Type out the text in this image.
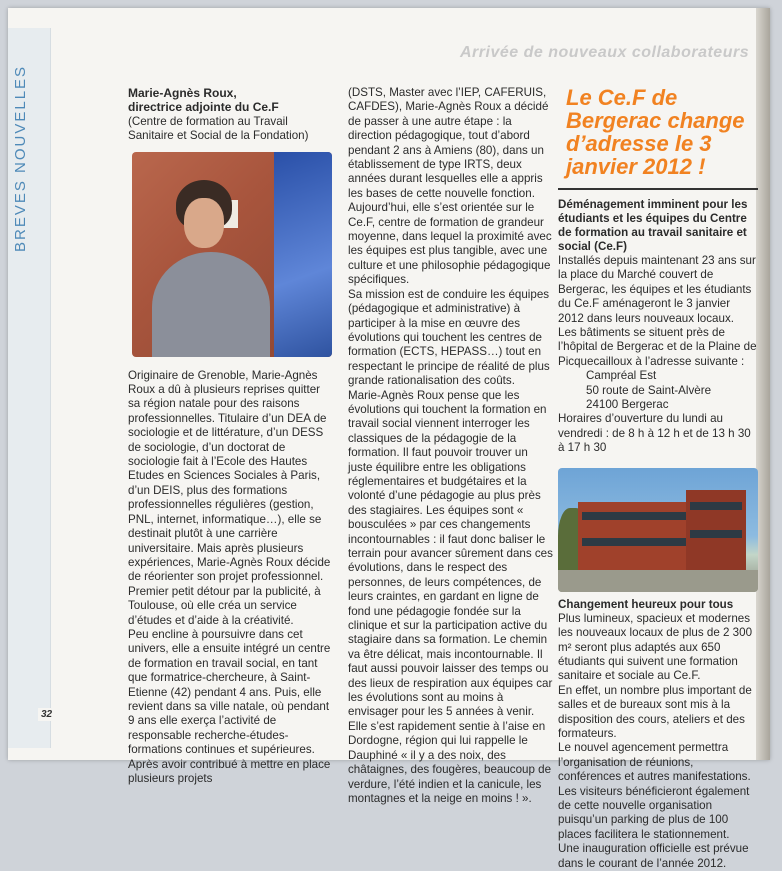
BREVES NOUVELLES
Arrivée de nouveaux collaborateurs

Marie-Agnès Roux,

directrice adjointe du Ce.F

(Centre de formation au Travail Sanitaire et Social de la Fondation)

Originaire de Grenoble, Marie-Agnès Roux a dû à plusieurs reprises quitter sa région natale pour des raisons professionnelles. Titulaire d’un DEA de sociologie et de littérature, d’un DESS de sociologie, d’un doctorat de sociologie fait à l’Ecole des Hautes Etudes en Sciences Sociales à Paris, d’un DEIS, plus des formations professionnelles régulières (gestion, PNL, internet, informatique…), elle se destinait plutôt à une carrière universitaire. Mais après plusieurs expériences, Marie-Agnès Roux décide de réorienter son projet professionnel. Premier petit détour par la publicité, à Toulouse, où elle créa un service d’études et d’aide à la créativité.

Peu encline à poursuivre dans cet univers, elle a ensuite intégré un centre de formation en travail social, en tant que formatrice-chercheure, à Saint-Etienne (42) pendant 4 ans. Puis, elle revient dans sa ville natale, où pendant 9 ans elle exerça l’activité de responsable recherche-études-formations continues et supérieures. Après avoir contribué à mettre en place plusieurs projets

(DSTS, Master avec l’IEP, CAFERUIS, CAFDES), Marie-Agnès Roux a décidé de passer à une autre étape : la direction pédagogique, tout d’abord pendant 2 ans à Amiens (80), dans un établissement de type IRTS, deux années durant lesquelles elle a appris les bases de cette nouvelle fonction. Aujourd’hui, elle s’est orientée sur le Ce.F, centre de formation de grandeur moyenne, dans lequel la proximité avec les équipes est plus tangible, avec une culture et une philosophie pédagogique spécifiques.

Sa mission est de conduire les équipes (pédagogique et administrative) à participer à la mise en œuvre des évolutions qui touchent les centres de formation (ECTS, HEPASS…) tout en respectant le principe de réalité de plus grande rationalisation des coûts.

Marie-Agnès Roux pense que les évolutions qui touchent la formation en travail social viennent interroger les classiques de la pédagogie de la formation. Il faut pouvoir trouver un juste équilibre entre les obligations réglementaires et budgétaires et la volonté d’une pédagogie au plus près des stagiaires. Les équipes sont « bousculées » par ces changements incontournables : il faut donc baliser le terrain pour avancer sûrement dans ces évolutions, dans le respect des personnes, de leurs compétences, de leurs craintes, en gardant en ligne de fond une pédagogie fondée sur la clinique et sur la participation active du stagiaire dans sa formation. Le chemin va être délicat, mais incontournable. Il faut aussi pouvoir laisser des temps ou des lieux de respiration aux équipes car les évolutions sont au moins à envisager pour les 5 années à venir.

Elle s’est rapidement sentie à l’aise en Dordogne, région qui lui rappelle le Dauphiné « il y a des noix, des châtaignes, des fougères, beaucoup de verdure, l’été indien et la canicule, les montagnes et la neige en moins ! ».

Le Ce.F de Bergerac change d’adresse le 3 janvier 2012 !

Déménagement imminent pour les étudiants et les équipes du Centre de formation au travail sanitaire et social (Ce.F)

Installés depuis maintenant 23 ans sur la place du Marché couvert de Bergerac, les équipes et les étudiants du Ce.F aménageront le 3 janvier 2012 dans leurs nouveaux locaux.

Les bâtiments se situent près de l’hôpital de Bergerac et de la Plaine de Picquecailloux à l’adresse suivante :

Campréal Est

50 route de Saint-Alvère

24100 Bergerac

Horaires d’ouverture du lundi au vendredi : de 8 h à 12 h et de 13 h 30 à 17 h 30

Changement heureux pour tous

Plus lumineux, spacieux et modernes les nouveaux locaux de plus de 2 300 m² seront plus adaptés aux 650 étudiants qui suivent une formation sanitaire et sociale au Ce.F.

En effet, un nombre plus important de salles et de bureaux sont mis à la disposition des cours, ateliers et des formateurs.

Le nouvel agencement permettra l’organisation de réunions, conférences et autres manifestations.

Les visiteurs bénéficieront également de cette nouvelle organisation puisqu’un parking de plus de 100 places facilitera le stationnement.

Une inauguration officielle est prévue dans le courant de l’année 2012.

32
